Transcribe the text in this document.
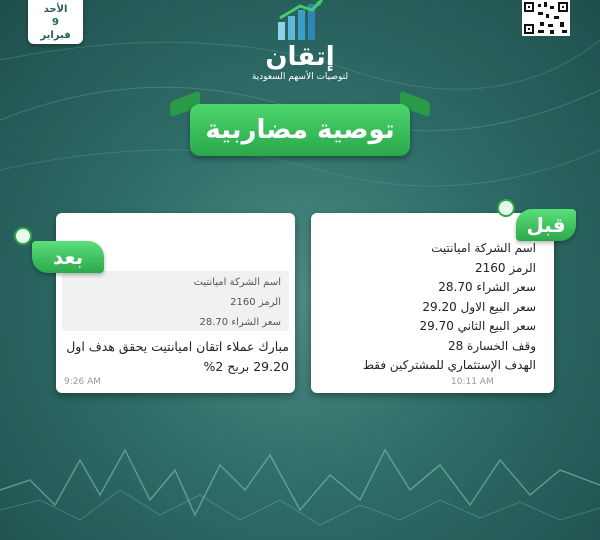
الأحد
9
فبراير
إتقان
لتوصيات الأسهم السعودية
توصية مضاربية
اسم الشركة اميانتيت
الرمز 2160
سعر الشراء 28.70
سعر البيع الاول 29.20
سعر البيع الثاني 29.70
وقف الخسارة 28
الهدف الإستثماري للمشتركين فقط
10:11 AM
قبل
اسم الشركة اميانتيت
الرمز 2160
سعر الشراء 28.70
مبارك عملاء اتقان اميانتيت يحقق هدف اول
29.20 بربح 2%
9:26 AM
بعد
